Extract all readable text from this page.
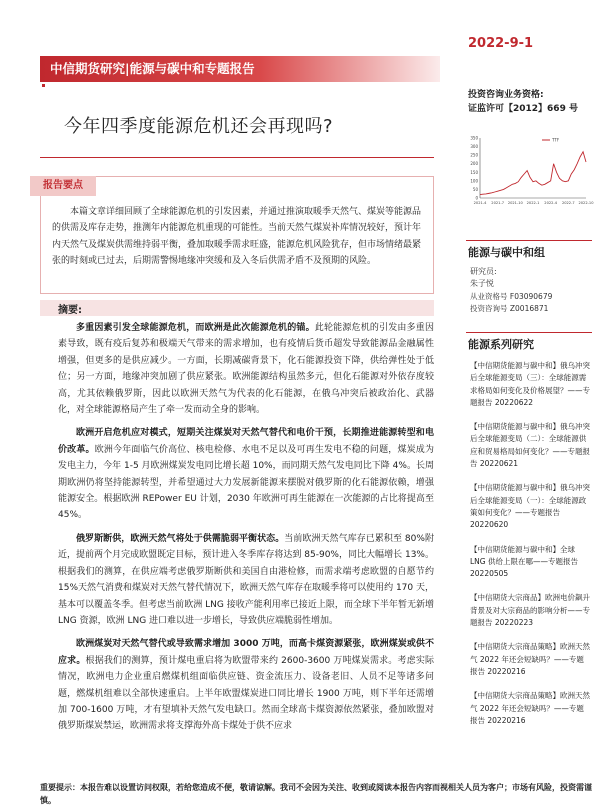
中信期货研究|能源与碳中和专题报告
2022-9-1
投资咨询业务资格:
证监许可【2012】669 号
今年四季度能源危机还会再现吗?
350
300
250
200
150
100
50
0
2021-4 2021-7 2021-10 2022-1 2022-4 2022-7 2022-10
TTF
报告要点
本篇文章详细回顾了全球能源危机的引发因素，并通过推演取暖季天然气、煤炭等能源品的供需及库存走势，推测年内能源危机重现的可能性。当前天然气煤炭补库情况较好，预计年内天然气及煤炭供需维持弱平衡，叠加取暖季需求旺盛，能源危机风险犹存，但市场情绪最紧张的时刻或已过去，后期需警惕地缘冲突缓和及入冬后供需矛盾不及预期的风险。
摘要:

多重因素引发全球能源危机，而欧洲是此次能源危机的锚。此轮能源危机的引发由多重因素导致，既有疫后复苏和极端天气带来的需求增加，也有疫情后货币超发导致能源品金融属性增强，但更多的是供应减少。一方面，长期减碳背景下，化石能源投资下降，供给弹性处于低位；另一方面，地缘冲突加剧了供应紧张。欧洲能源结构虽然多元，但化石能源对外依存度较高，尤其依赖俄罗斯，因此以欧洲天然气为代表的化石能源，在俄乌冲突后被政治化、武器化，对全球能源格局产生了牵一发而动全身的影响。

欧洲开启危机应对模式，短期关注煤炭对天然气替代和电价干预，长期推进能源转型和电价改革。欧洲今年面临气价高位、核电检修、水电不足以及可再生发电不稳的问题，煤炭成为发电主力，今年 1-5 月欧洲煤炭发电同比增长超 10%，而同期天然气发电同比下降 4%。长周期欧洲仍将坚持能源转型，并希望通过大力发展新能源来摆脱对俄罗斯的化石能源依赖，增强能源安全。根据欧洲 REPower EU 计划，2030 年欧洲可再生能源在一次能源的占比将提高至 45%。

俄罗斯断供，欧洲天然气将处于供需脆弱平衡状态。当前欧洲天然气库存已累积至 80%附近，提前两个月完成欧盟既定目标，预计进入冬季库存将达到 85-90%，同比大幅增长 13%。根据我们的测算，在供应端考虑俄罗斯断供和美国自由港检修，而需求端考虑欧盟的自愿节约 15%天然气消费和煤炭对天然气替代情况下，欧洲天然气库存在取暖季将可以使用约 170 天，基本可以覆盖冬季。但考虑当前欧洲 LNG 接收产能利用率已接近上限，而全球下半年暂无新增 LNG 资源，欧洲 LNG 进口难以进一步增长，导致供应端脆弱性增加。

欧洲煤炭对天然气替代或导致需求增加 3000 万吨，而高卡煤资源紧张，欧洲煤炭或供不应求。根据我们的测算，预计煤电重启将为欧盟带来约 2600-3600 万吨煤炭需求。考虑实际情况，欧洲电力企业重启燃煤机组面临供应链、资金流压力、设备老旧、人员不足等诸多问题，燃煤机组难以全部快速重启。上半年欧盟煤炭进口同比增长 1900 万吨，则下半年还需增加 700-1600 万吨，才有望填补天然气发电缺口。然而全球高卡煤资源依然紧张，叠加欧盟对俄罗斯煤炭禁运，欧洲需求将支撑海外高卡煤处于供不应求

能源与碳中和组
研究员:
朱子悦
从业资格号 F03090679
投资咨询号 Z0016871
能源系列研究
【中信期货能源与碳中和】俄乌冲突后全球能源变局（三）：全球能源需求格局如何变化及价格展望？——专题报告 20220622
【中信期货能源与碳中和】俄乌冲突后全球能源变局（二）：全球能源供应和贸易格局如何变化？——专题报告 20220621
【中信期货能源与碳中和】俄乌冲突后全球能源变局（一）：全球能源政策如何变化？——专题报告 20220620
【中信期货能源与碳中和】全球 LNG 供给上限在哪——专题报告 20220505
【中信期货大宗商品】欧洲电价飙升背景及对大宗商品的影响分析——专题报告 20220223
【中信期货大宗商品策略】欧洲天然气 2022 年还会短缺吗？——专题报告 20220216
【中信期货大宗商品策略】欧洲天然气 2022 年还会短缺吗？——专题报告 20220216
重要提示：本报告难以设置访问权限，若给您造成不便，敬请谅解。我司不会因为关注、收到或阅读本报告内容而视相关人员为客户；市场有风险，投资需谨慎。
